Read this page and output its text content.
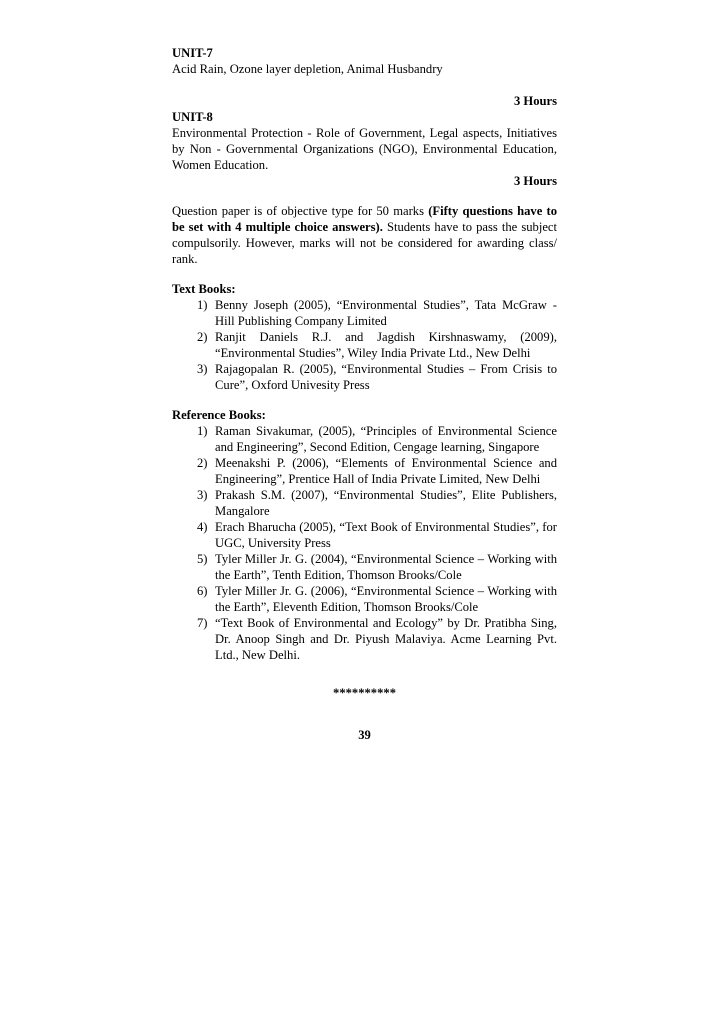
UNIT-7

Acid Rain, Ozone layer depletion, Animal Husbandry

3 Hours

UNIT-8

Environmental Protection - Role of Government, Legal aspects, Initiatives by Non - Governmental Organizations (NGO), Environmental Education, Women Education.

3 Hours

Question paper is of objective type for 50 marks (Fifty questions have to be set with 4 multiple choice answers). Students have to pass the subject compulsorily. However, marks will not be considered for awarding class/ rank.

Text Books:

1) Benny Joseph (2005), “Environmental Studies”, Tata McGraw - Hill Publishing Company Limited
2) Ranjit Daniels R.J. and Jagdish Kirshnaswamy, (2009), “Environmental Studies”, Wiley India Private Ltd., New Delhi
3) Rajagopalan R. (2005), “Environmental Studies – From Crisis to Cure”, Oxford Univesity Press

Reference Books:

1) Raman Sivakumar, (2005), “Principles of Environmental Science and Engineering”, Second Edition, Cengage learning, Singapore
2) Meenakshi P. (2006), “Elements of Environmental Science and Engineering”, Prentice Hall of India Private Limited, New Delhi
3) Prakash S.M. (2007), “Environmental Studies”, Elite Publishers, Mangalore
4) Erach Bharucha (2005), “Text Book of Environmental Studies”, for UGC, University Press
5) Tyler Miller Jr. G. (2004), “Environmental Science – Working with the Earth”, Tenth Edition, Thomson Brooks/Cole
6) Tyler Miller Jr. G. (2006), “Environmental Science – Working with the Earth”, Eleventh Edition, Thomson Brooks/Cole
7) “Text Book of Environmental and Ecology” by Dr. Pratibha Sing, Dr. Anoop Singh and Dr. Piyush Malaviya. Acme Learning Pvt. Ltd., New Delhi.

**********

39
